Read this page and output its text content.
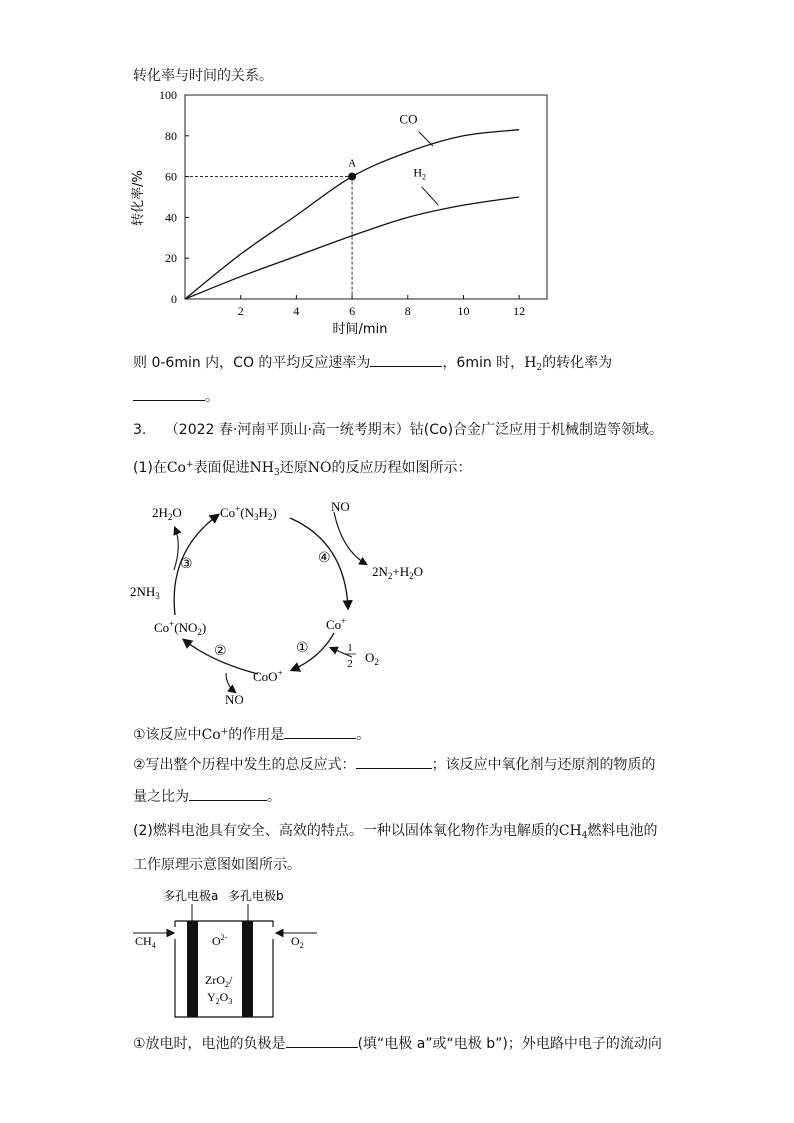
转化率与时间的关系。
0
20
40
60
80
100
2	4	6	8	10	12
A
CO
$H_2$
转化率/%
时间/min
则 0-6min 内，CO 的平均反应速率为	，6min 时，$H_2$的转化率为
。
3. （2022 春·河南平顶山·高一统考期末）钴(Co)合金广泛应用于机械制造等领域。
(1)在Co+表面促进$NH_3$还原NO的反应历程如图所示：
$2H_2O$	$Co^+(N_3H_2)$	NO
$2N_2+H_2O$
Co+
1
2 $O_2$
CoO+
NO
$Co^+(NO_2)$
$2NH_3$
③	④
①
②
①该反应中Co+的作用是	。
②写出整个历程中发生的总反应式：	；该反应中氧化剂与还原剂的物质的
量之比为	。
(2)燃料电池具有安全、高效的特点。一种以固体氧化物作为电解质的$CH_4$燃料电池的
工作原理示意图如图所示。
多孔电极a 多孔电极b
$CH_4$	$O_2$
$O^{2-}$
ZrO$_2$/
$Y_2O_3$
①放电时，电池的负极是	(填“电极 a”或“电极 b”)；外电路中电子的流动向
